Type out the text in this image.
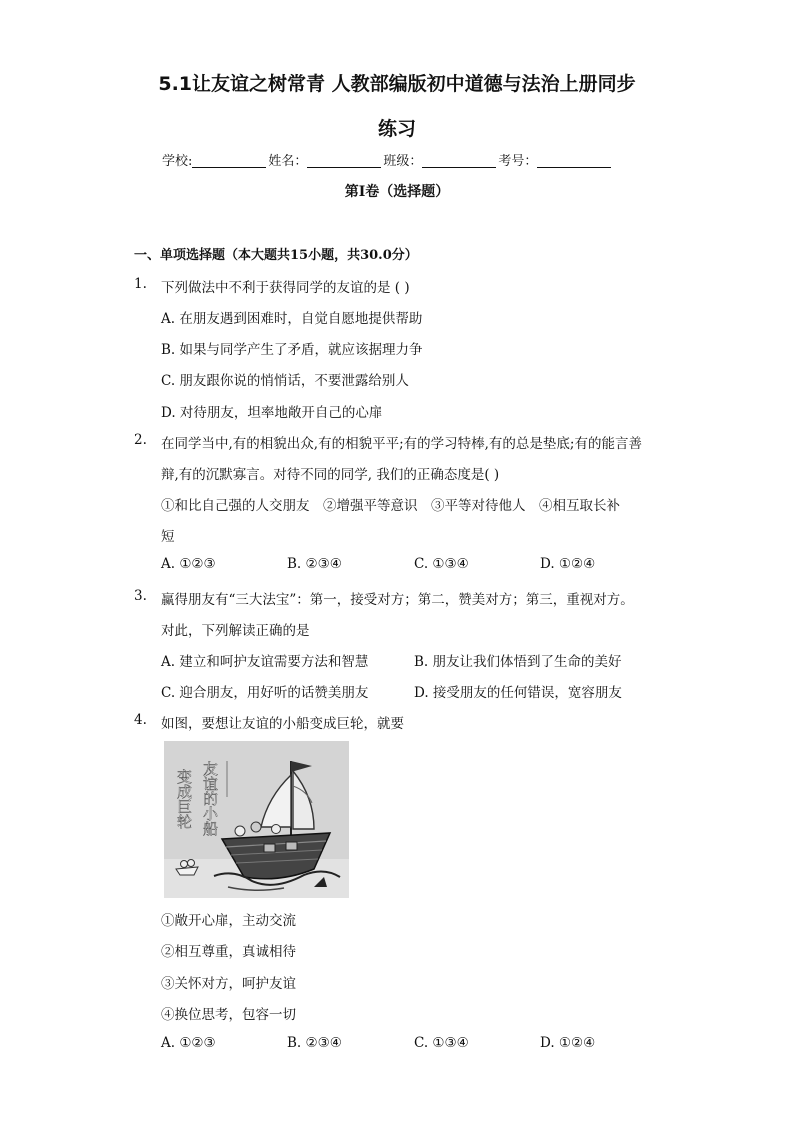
5.1让友谊之树常青 人教部编版初中道德与法治上册同步
练习
学校:	姓名：	班级：	考号：
第I卷（选择题）
一、单项选择题（本大题共15小题，共30.0分）
1. 下列做法中不利于获得同学的友谊的是 ( )
A. 在朋友遇到困难时，自觉自愿地提供帮助
B. 如果与同学产生了矛盾，就应该据理力争
C. 朋友跟你说的悄悄话，不要泄露给别人
D. 对待朋友，坦率地敞开自己的心扉
2. 在同学当中,有的相貌出众,有的相貌平平;有的学习特棒,有的总是垫底;有的能言善
辩,有的沉默寡言。对待不同的同学, 我们的正确态度是( )
①和比自己强的人交朋友　②增强平等意识　③平等对待他人　④相互取长补
短
A. ①②③	B. ②③④	C. ①③④	D. ①②④
3. 赢得朋友有“三大法宝”：第一，接受对方；第二，赞美对方；第三，重视对方。
对此，下列解读正确的是
A. 建立和呵护友谊需要方法和智慧	B. 朋友让我们体悟到了生命的美好
C. 迎合朋友，用好听的话赞美朋友	D. 接受朋友的任何错误，宽容朋友
4. 如图，要想让友谊的小船变成巨轮，就要
变成巨轮 友谊的小船
①敞开心扉，主动交流
②相互尊重，真诚相待
③关怀对方，呵护友谊
④换位思考，包容一切
A. ①②③	B. ②③④	C. ①③④	D. ①②④
